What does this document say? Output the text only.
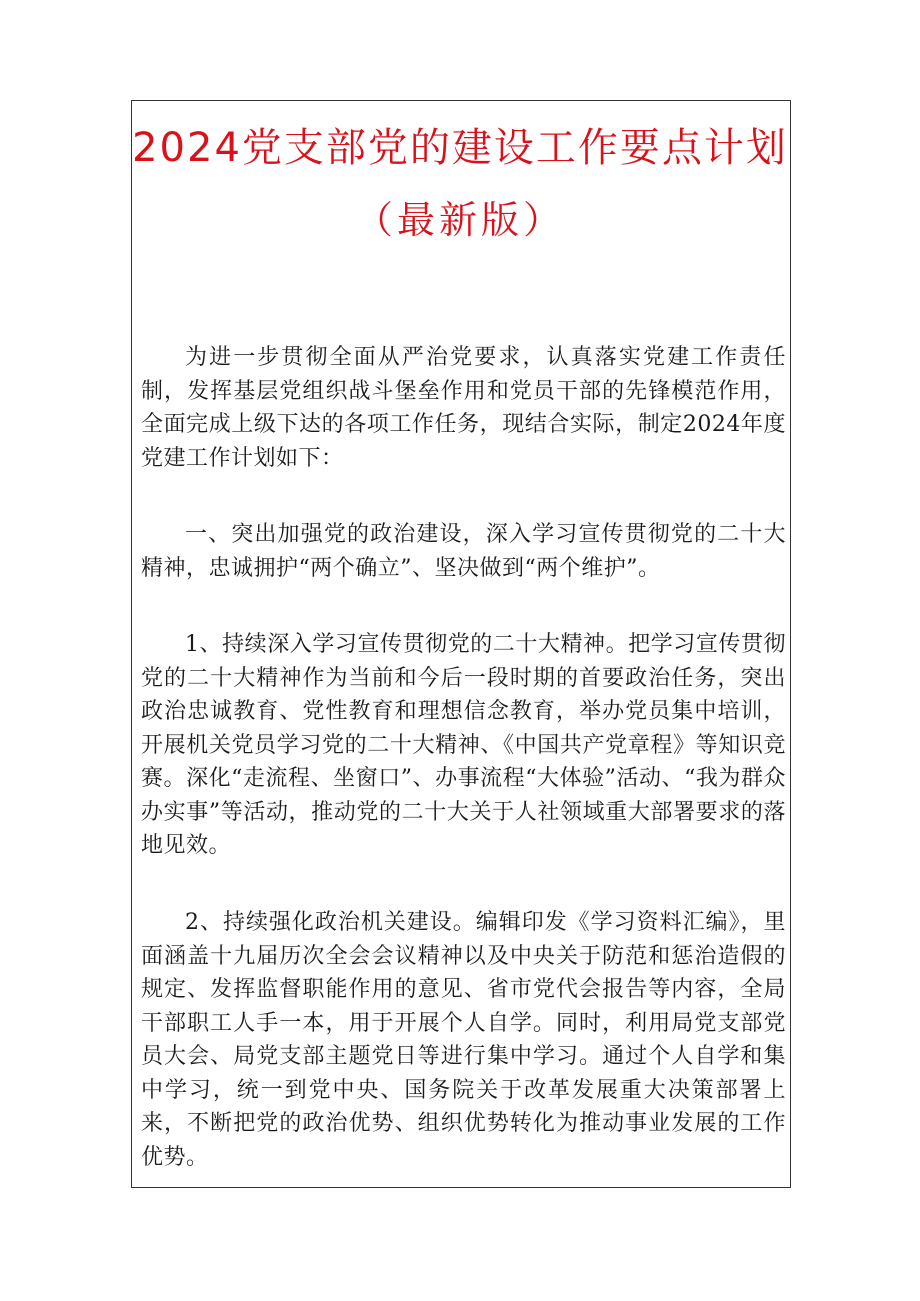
2024党支部党的建设工作要点计划
（最新版）

为进一步贯彻全面从严治党要求，认真落实党建工作责任制，发挥基层党组织战斗堡垒作用和党员干部的先锋模范作用，全面完成上级下达的各项工作任务，现结合实际，制定2024年度党建工作计划如下：

一、突出加强党的政治建设，深入学习宣传贯彻党的二十大精神，忠诚拥护“两个确立”、坚决做到“两个维护”。

1、持续深入学习宣传贯彻党的二十大精神。把学习宣传贯彻党的二十大精神作为当前和今后一段时期的首要政治任务，突出政治忠诚教育、党性教育和理想信念教育，举办党员集中培训，开展机关党员学习党的二十大精神、《中国共产党章程》等知识竞赛。深化“走流程、坐窗口”、办事流程“大体验”活动、“我为群众办实事”等活动，推动党的二十大关于人社领域重大部署要求的落地见效。

2、持续强化政治机关建设。编辑印发《学习资料汇编》，里面涵盖十九届历次全会会议精神以及中央关于防范和惩治造假的规定、发挥监督职能作用的意见、省市党代会报告等内容，全局干部职工人手一本，用于开展个人自学。同时，利用局党支部党员大会、局党支部主题党日等进行集中学习。通过个人自学和集中学习，统一到党中央、国务院关于改革发展重大决策部署上来，不断把党的政治优势、组织优势转化为推动事业发展的工作优势。
